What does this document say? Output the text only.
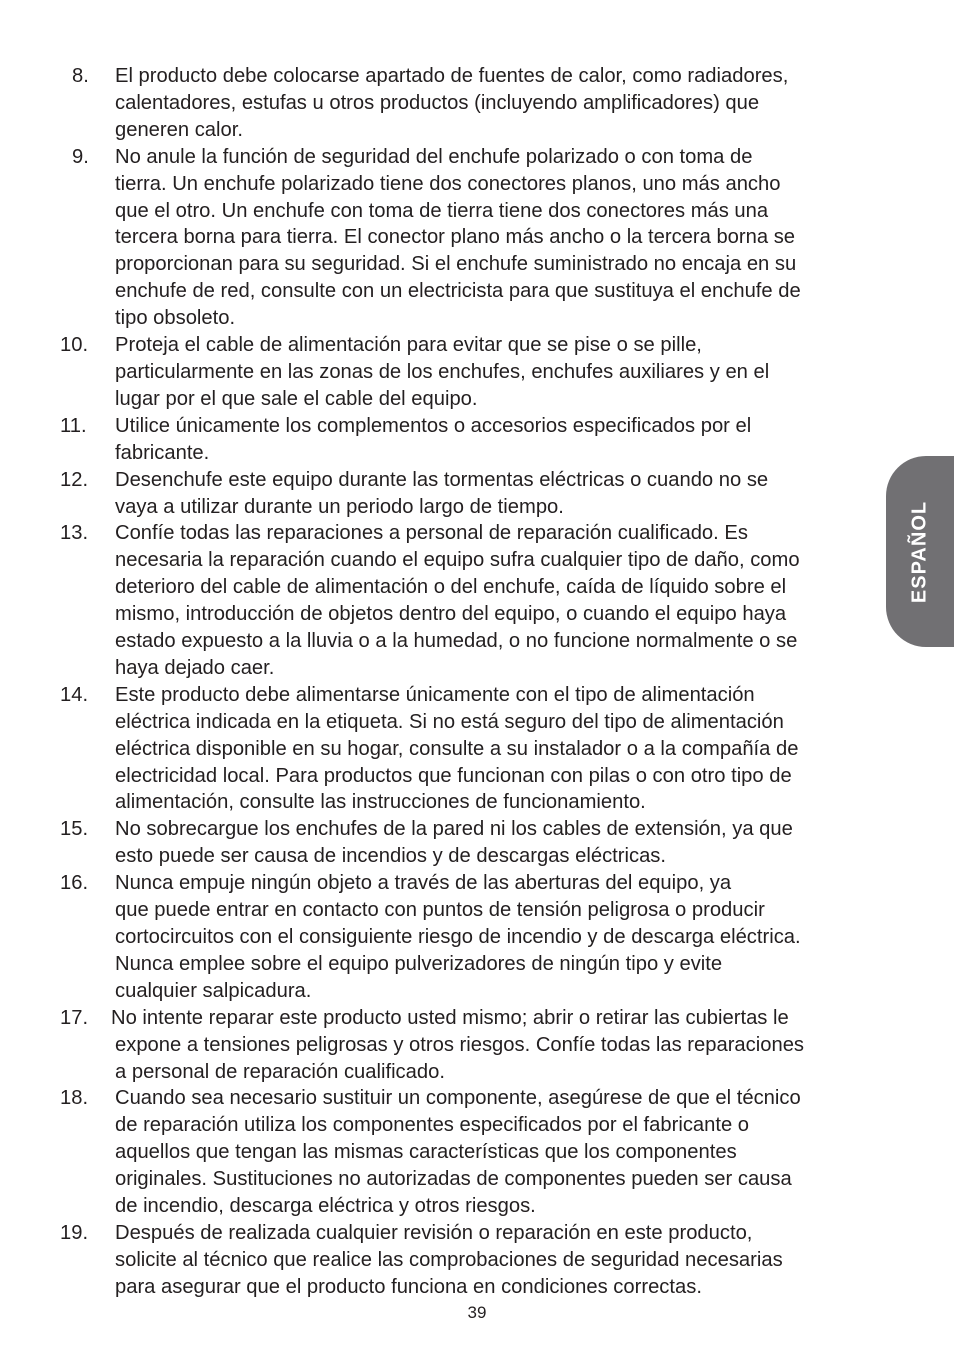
8. El producto debe colocarse apartado de fuentes de calor, como radiadores,
calentadores, estufas u otros productos (incluyendo amplificadores) que
generen calor.
9. No anule la función de seguridad del enchufe polarizado o con toma de
tierra. Un enchufe polarizado tiene dos conectores planos, uno más ancho
que el otro. Un enchufe con toma de tierra tiene dos conectores más una
tercera borna para tierra. El conector plano más ancho o la tercera borna se
proporcionan para su seguridad. Si el enchufe suministrado no encaja en su
enchufe de red, consulte con un electricista para que sustituya el enchufe de
tipo obsoleto.
10. Proteja el cable de alimentación para evitar que se pise o se pille,
particularmente en las zonas de los enchufes, enchufes auxiliares y en el
lugar por el que sale el cable del equipo.
11. Utilice únicamente los complementos o accesorios especificados por el
fabricante.
12. Desenchufe este equipo durante las tormentas eléctricas o cuando no se
vaya a utilizar durante un periodo largo de tiempo.
13. Confíe todas las reparaciones a personal de reparación cualificado. Es
necesaria la reparación cuando el equipo sufra cualquier tipo de daño, como
deterioro del cable de alimentación o del enchufe, caída de líquido sobre el
mismo, introducción de objetos dentro del equipo, o cuando el equipo haya
estado expuesto a la lluvia o a la humedad, o no funcione normalmente o se
haya dejado caer.
14. Este producto debe alimentarse únicamente con el tipo de alimentación
eléctrica indicada en la etiqueta. Si no está seguro del tipo de alimentación
eléctrica disponible en su hogar, consulte a su instalador o a la compañía de
electricidad local. Para productos que funcionan con pilas o con otro tipo de
alimentación, consulte las instrucciones de funcionamiento.
15. No sobrecargue los enchufes de la pared ni los cables de extensión, ya que
esto puede ser causa de incendios y de descargas eléctricas.
16. Nunca empuje ningún objeto a través de las aberturas del equipo, ya
que puede entrar en contacto con puntos de tensión peligrosa o producir
cortocircuitos con el consiguiente riesgo de incendio y de descarga eléctrica.
Nunca emplee sobre el equipo pulverizadores de ningún tipo y evite
cualquier salpicadura.
17.	No intente reparar este producto usted mismo; abrir o retirar las cubiertas le
expone a tensiones peligrosas y otros riesgos. Confíe todas las reparaciones
a personal de reparación cualificado.
18. Cuando sea necesario sustituir un componente, asegúrese de que el técnico
de reparación utiliza los componentes especificados por el fabricante o
aquellos que tengan las mismas características que los componentes
originales. Sustituciones no autorizadas de componentes pueden ser causa
de incendio, descarga eléctrica y otros riesgos.
19. Después de realizada cualquier revisión o reparación en este producto,
solicite al técnico que realice las comprobaciones de seguridad necesarias
para asegurar que el producto funciona en condiciones correctas.
ESPAÑOL
39
